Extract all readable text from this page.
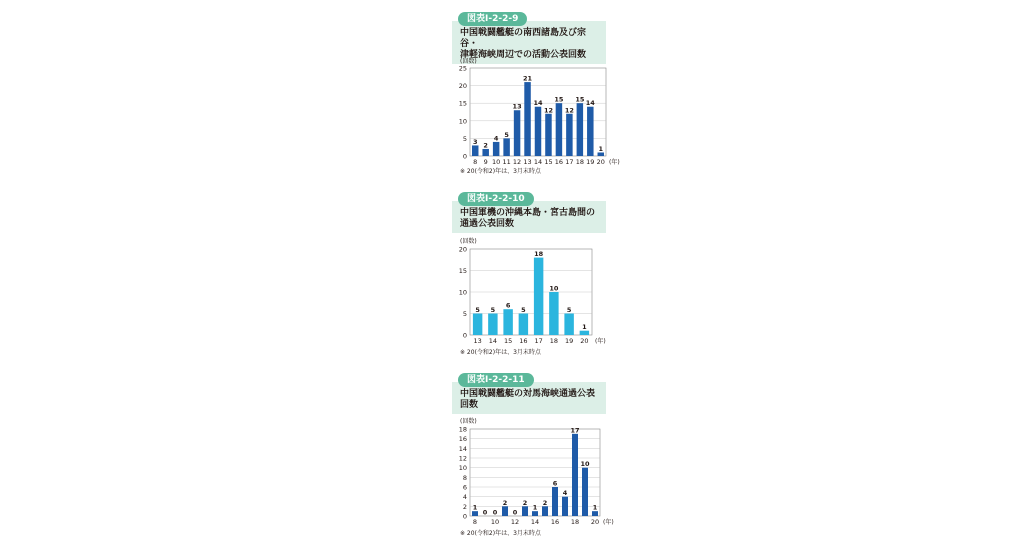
図表Ⅰ-2-2-9
中国戦闘艦艇の南西諸島及び宗谷・
津軽海峡周辺での活動公表回数
(回数)
0
5
10
15
20
25
3 2
4 5
13
21
14
12
15
12
15 14
1
8 9 10 11 12 13 14 15 16 17 18 19 20 (年)
※ 20(令和2)年は、3月末時点
図表Ⅰ-2-2-10
中国軍機の沖縄本島・宮古島間の
通過公表回数
(回数)
0
5
10
15
20
5 5
6
5
18
10
5
1
13 14 15 16 17 18 19 20 (年)
※ 20(令和2)年は、3月末時点
図表Ⅰ-2-2-11
中国戦闘艦艇の対馬海峡通過公表
回数
(回数)
0
2
4
6
8
10
12
14
16
18
1
0 0
2
0
2
1
2
6
4
17
10
1
8 10 12 14 16 18 20 (年)
※ 20(令和2)年は、3月末時点
